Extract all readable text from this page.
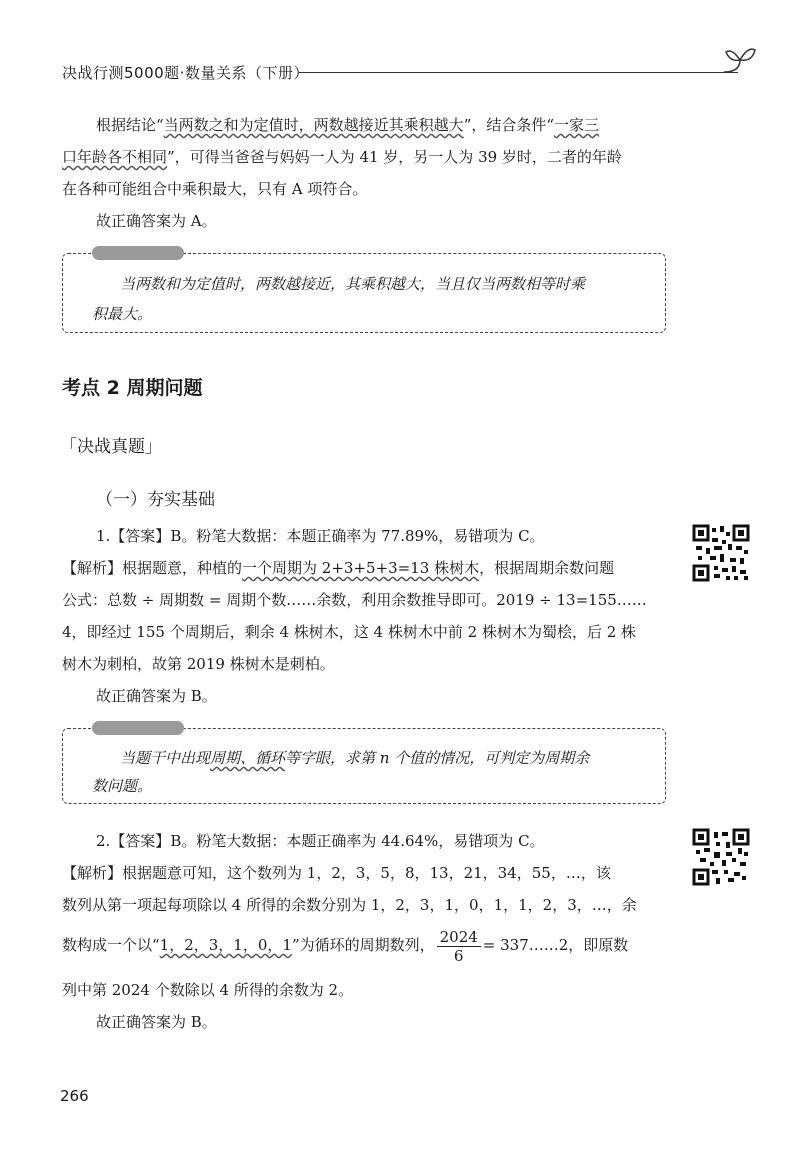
决战行测5000题·数量关系（下册）
根据结论“当两数之和为定值时，两数越接近其乘积越大”，结合条件“一家三
口年龄各不相同”，可得当爸爸与妈妈一人为 41 岁，另一人为 39 岁时，二者的年龄
在各种可能组合中乘积最大，只有 A 项符合。
故正确答案为 A。
当两数和为定值时，两数越接近，其乘积越大，当且仅当两数相等时乘
积最大。
考点 2 周期问题
「决战真题」
（一）夯实基础
1.【答案】B。粉笔大数据：本题正确率为 77.89%，易错项为 C。
【解析】根据题意，种植的一个周期为 2+3+5+3=13 株树木，根据周期余数问题
公式：总数 ÷ 周期数 = 周期个数……余数，利用余数推导即可。2019 ÷ 13=155……
4，即经过 155 个周期后，剩余 4 株树木，这 4 株树木中前 2 株树木为蜀桧，后 2 株
树木为刺柏，故第 2019 株树木是刺柏。
故正确答案为 B。
当题干中出现周期、循环等字眼，求第 n 个值的情况，可判定为周期余
数问题。
2.【答案】B。粉笔大数据：本题正确率为 44.64%，易错项为 C。
【解析】根据题意可知，这个数列为 1，2，3，5，8，13，21，34，55，…，该
数列从第一项起每项除以 4 所得的余数分别为 1，2，3，1，0，1，1，2，3，…，余
数构成一个以“1，2，3，1，0，1”为循环的周期数列， $\frac{2024}{6}$ = 337……2，即原数
列中第 2024 个数除以 4 所得的余数为 2。
故正确答案为 B。
266
